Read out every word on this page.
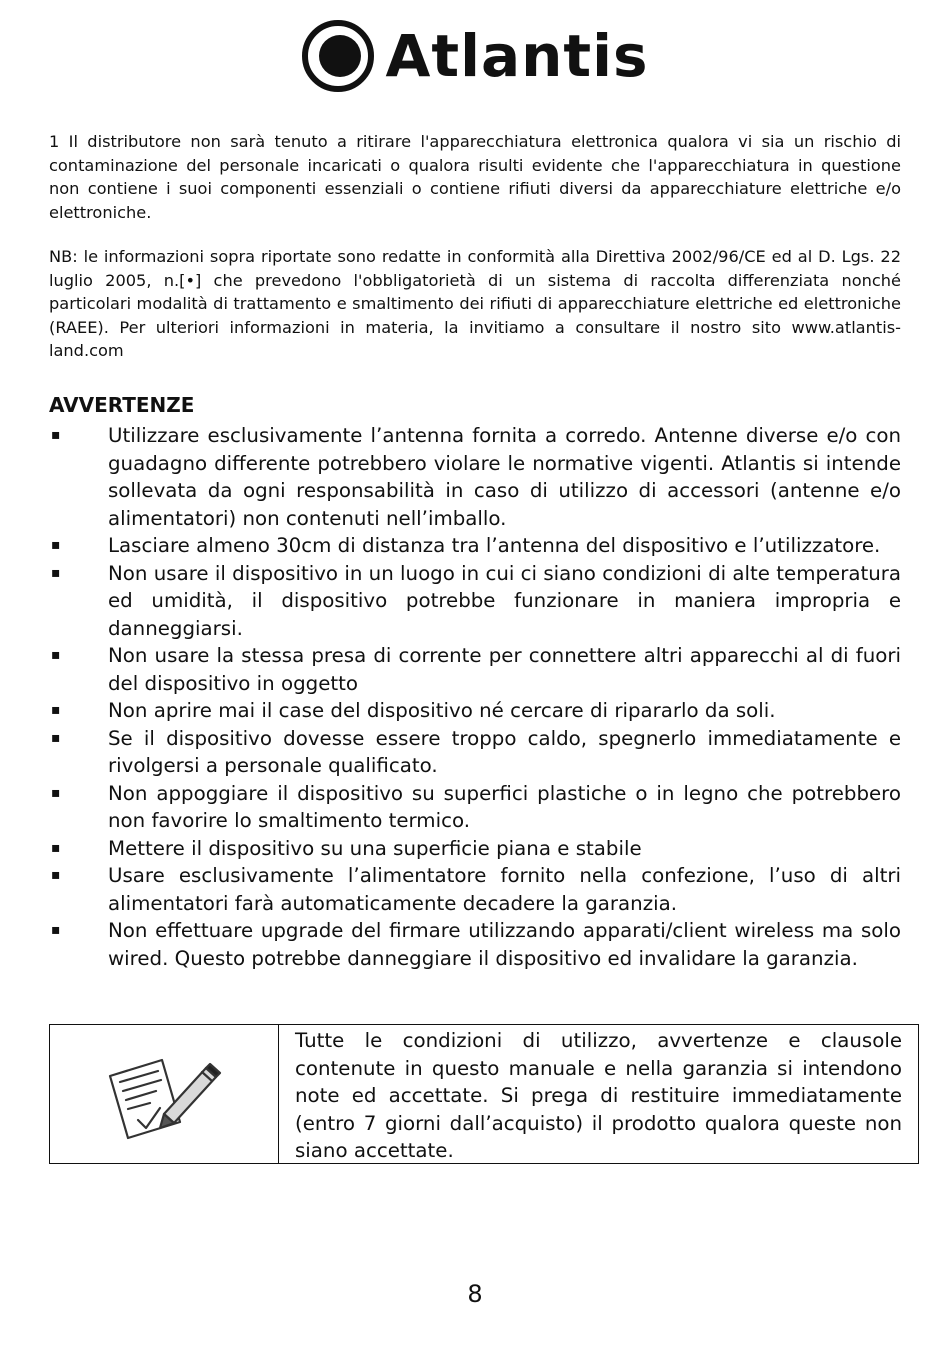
Atlantis

1 Il distributore non sarà tenuto a ritirare l'apparecchiatura elettronica qualora vi sia un rischio di contaminazione del personale incaricati o qualora risulti evidente che l'apparecchiatura in questione non contiene i suoi componenti essenziali o contiene rifiuti diversi da apparecchiature elettriche e/o elettroniche.

NB: le informazioni sopra riportate sono redatte in conformità alla Direttiva 2002/96/CE ed al D. Lgs. 22 luglio 2005, n.[•] che prevedono l'obbligatorietà di un sistema di raccolta differenziata nonché particolari modalità di trattamento e smaltimento dei rifiuti di apparecchiature elettriche ed elettroniche (RAEE). Per ulteriori informazioni in materia, la invitiamo a consultare il nostro sito www.atlantis-land.com

AVVERTENZE
▪ Utilizzare esclusivamente l’antenna fornita a corredo. Antenne diverse e/o con guadagno differente potrebbero violare le normative vigenti. Atlantis si intende sollevata da ogni responsabilità in caso di utilizzo di accessori (antenne e/o alimentatori) non contenuti nell’imballo.
▪ Lasciare almeno 30cm di distanza tra l’antenna del dispositivo e l’utilizzatore.
▪ Non usare il dispositivo in un luogo in cui ci siano condizioni di alte temperatura ed umidità, il dispositivo potrebbe funzionare in maniera impropria e danneggiarsi.
▪ Non usare la stessa presa di corrente per connettere altri apparecchi al di fuori del dispositivo in oggetto
▪ Non aprire mai il case del dispositivo né cercare di ripararlo da soli.
▪ Se il dispositivo dovesse essere troppo caldo, spegnerlo immediatamente e rivolgersi a personale qualificato.
▪ Non appoggiare il dispositivo su superfici plastiche o in legno che potrebbero non favorire lo smaltimento termico.
▪ Mettere il dispositivo su una superficie piana e stabile
▪ Usare esclusivamente l’alimentatore fornito nella confezione, l’uso di altri alimentatori farà automaticamente decadere la garanzia.
▪ Non effettuare upgrade del firmare utilizzando apparati/client wireless ma solo wired. Questo potrebbe danneggiare il dispositivo ed invalidare la garanzia.
Tutte le condizioni di utilizzo, avvertenze e clausole contenute in questo manuale e nella garanzia si intendono note ed accettate. Si prega di restituire immediatamente (entro 7 giorni dall’acquisto) il prodotto qualora queste non siano accettate.
8
